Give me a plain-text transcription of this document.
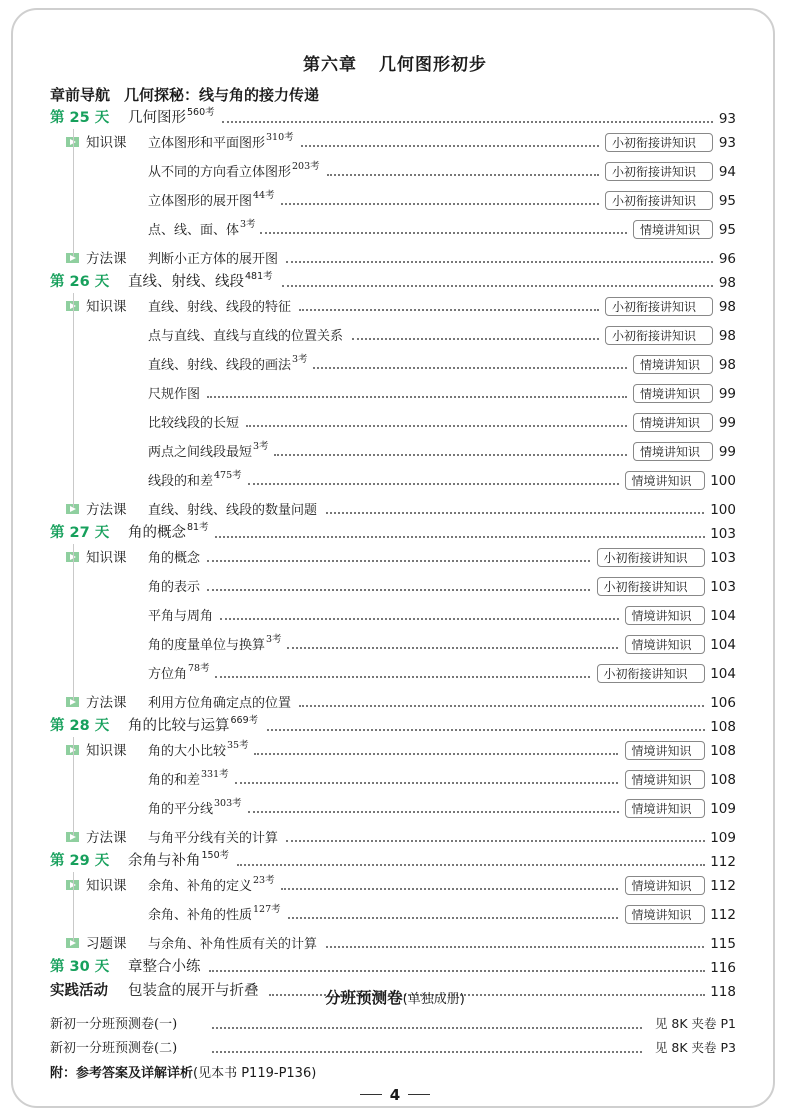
第六章 几何图形初步
章前导航 几何探秘：线与角的接力传递
第 25 天 几何图形$^{560考}$	93
知识课 立体图形和平面图形$^{310考}$	小初衔接讲知识	93
从不同的方向看立体图形$^{203考}$	小初衔接讲知识	94
立体图形的展开图$^{44考}$	小初衔接讲知识	95
点、线、面、体$^{3考}$	情境讲知识	95
方法课 判断小正方体的展开图	96
第 26 天 直线、射线、线段$^{481考}$	98
知识课 直线、射线、线段的特征	小初衔接讲知识	98
点与直线、直线与直线的位置关系	小初衔接讲知识	98
直线、射线、线段的画法$^{3考}$	情境讲知识	98
尺规作图	情境讲知识	99
比较线段的长短	情境讲知识	99
两点之间线段最短$^{3考}$	情境讲知识	99
线段的和差$^{475考}$	情境讲知识	100
方法课 直线、射线、线段的数量问题	100
第 27 天 角的概念$^{81考}$	103
知识课 角的概念	小初衔接讲知识	103
角的表示	小初衔接讲知识	103
平角与周角	情境讲知识	104
角的度量单位与换算$^{3考}$	情境讲知识	104
方位角$^{78考}$	小初衔接讲知识	104
方法课 利用方位角确定点的位置	106
第 28 天 角的比较与运算$^{669考}$	108
知识课 角的大小比较$^{35考}$	情境讲知识	108
角的和差$^{331考}$	情境讲知识	108
角的平分线$^{303考}$	情境讲知识	109
方法课 与角平分线有关的计算	109
第 29 天 余角与补角$^{150考}$	112
知识课 余角、补角的定义$^{23考}$	情境讲知识	112
余角、补角的性质$^{127考}$	情境讲知识	112
习题课 与余角、补角性质有关的计算	115
第 30 天 章整合小练	116
实践活动 包装盒的展开与折叠	118
分班预测卷(单独成册)
新初一分班预测卷(一)	见 8K 夹卷 P1
新初一分班预测卷(二)	见 8K 夹卷 P3
附：参考答案及详解详析(见本书 P119-P136)
4
